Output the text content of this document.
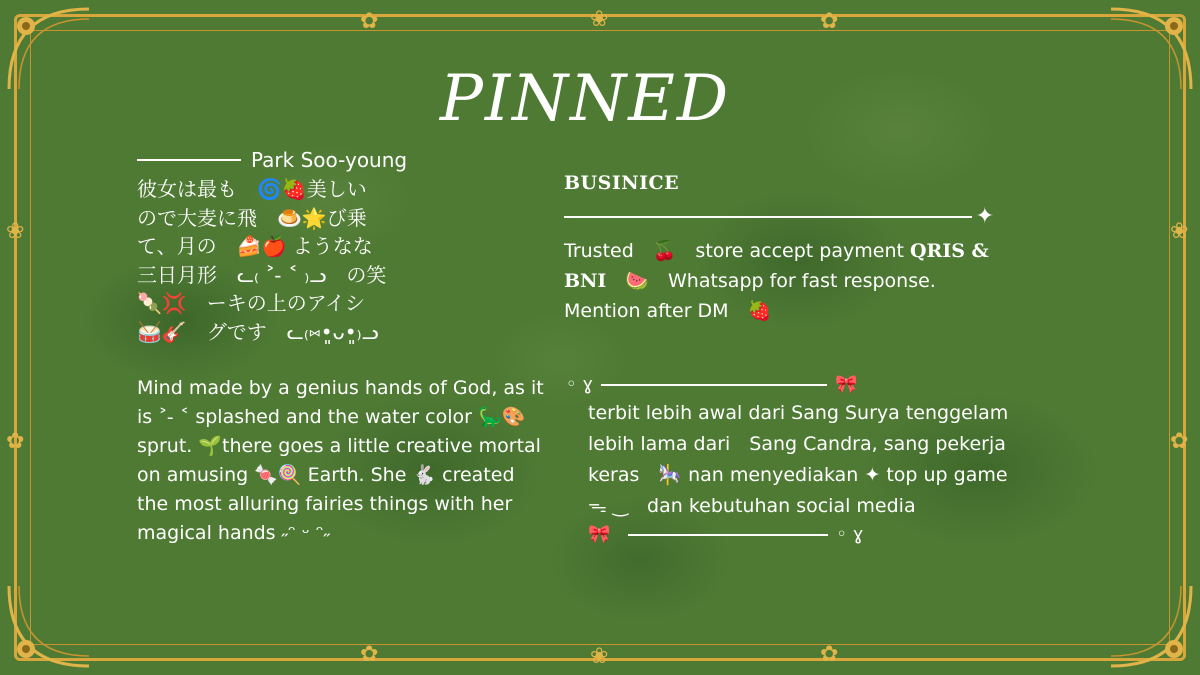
✿	❀	✿
✿	❀	✿
❀
✿
❀
✿
PINNED
Park Soo-young
彼女は最も　🌀🍓美しい
ので大麦に飛　🍮🌟び乗
て、月の　🍰🍎 ようなな
三日月形　ᓚ₍ ˃ ̵ ˂ ₎ᓗ　の笑
🍡💢　ーキの上のアイシ
🥁🎸　グです　ᓚ₍⑅•͈ᴗ•͈₎ᓗ
Mind made by a genius hands of God, as it is ˃ ̵ ˂ splashed and the water color 🦕🎨 sprut. 🌱there goes a little creative mortal on amusing 🍬🍭 Earth. She 🐇 created the most alluring fairies things with her magical hands ˶ᵔ ᵕ ᵔ˶
BUSINICE
✦
Trusted　🍒　store accept payment QRIS & BNI　🍉　Whatsapp for fast response. Mention after DM　🍓
◦ ɣ	🎀
terbit lebih awal dari Sang Surya tenggelam lebih lama dari　Sang Candra, sang pekerja keras　🎠 nan menyediakan ✦ top up game ᯓ ‿　dan kebutuhan social media
🎀	◦ ɣ
